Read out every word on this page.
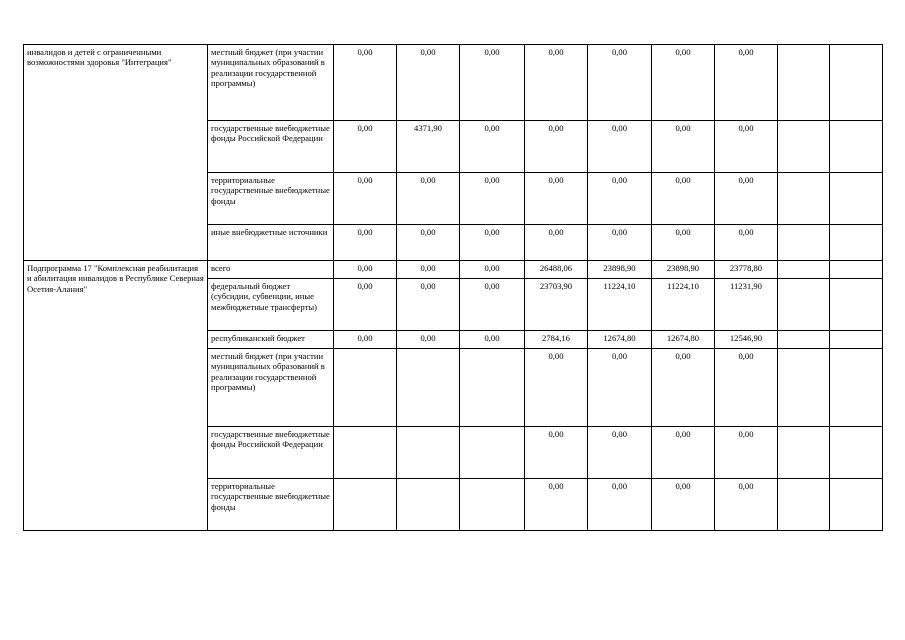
инвалидов и детей с ограниченными возможностями здоровья "Интеграция"	местный бюджет (при участии муниципальных образований в реализации государственной программы)	0,00	0,00	0,00	0,00	0,00	0,00	0,00		
	государственные внебюджетные фонды Российской Федерации	0,00	4371,90	0,00	0,00	0,00	0,00	0,00		
	территориальные государственные внебюджетные фонды	0,00	0,00	0,00	0,00	0,00	0,00	0,00		
	иные внебюджетные источники	0,00	0,00	0,00	0,00	0,00	0,00	0,00		
Подпрограмма 17 "Комплексная реабилитация и абилитация инвалидов в Республике Северная Осетия-Алания"	всего	0,00	0,00	0,00	26488,06	23898,90	23898,90	23778,80		
	федеральный бюджет (субсидии, субвенции, иные межбюджетные трансферты)	0,00	0,00	0,00	23703,90	11224,10	11224,10	11231,90		
	республиканский бюджет	0,00	0,00	0,00	2784,16	12674,80	12674,80	12546,90		
	местный бюджет (при участии муниципальных образований в реализации государственной программы)				0,00	0,00	0,00	0,00		
	государственные внебюджетные фонды Российской Федерации				0,00	0,00	0,00	0,00		
	территориальные государственные внебюджетные фонды				0,00	0,00	0,00	0,00		
